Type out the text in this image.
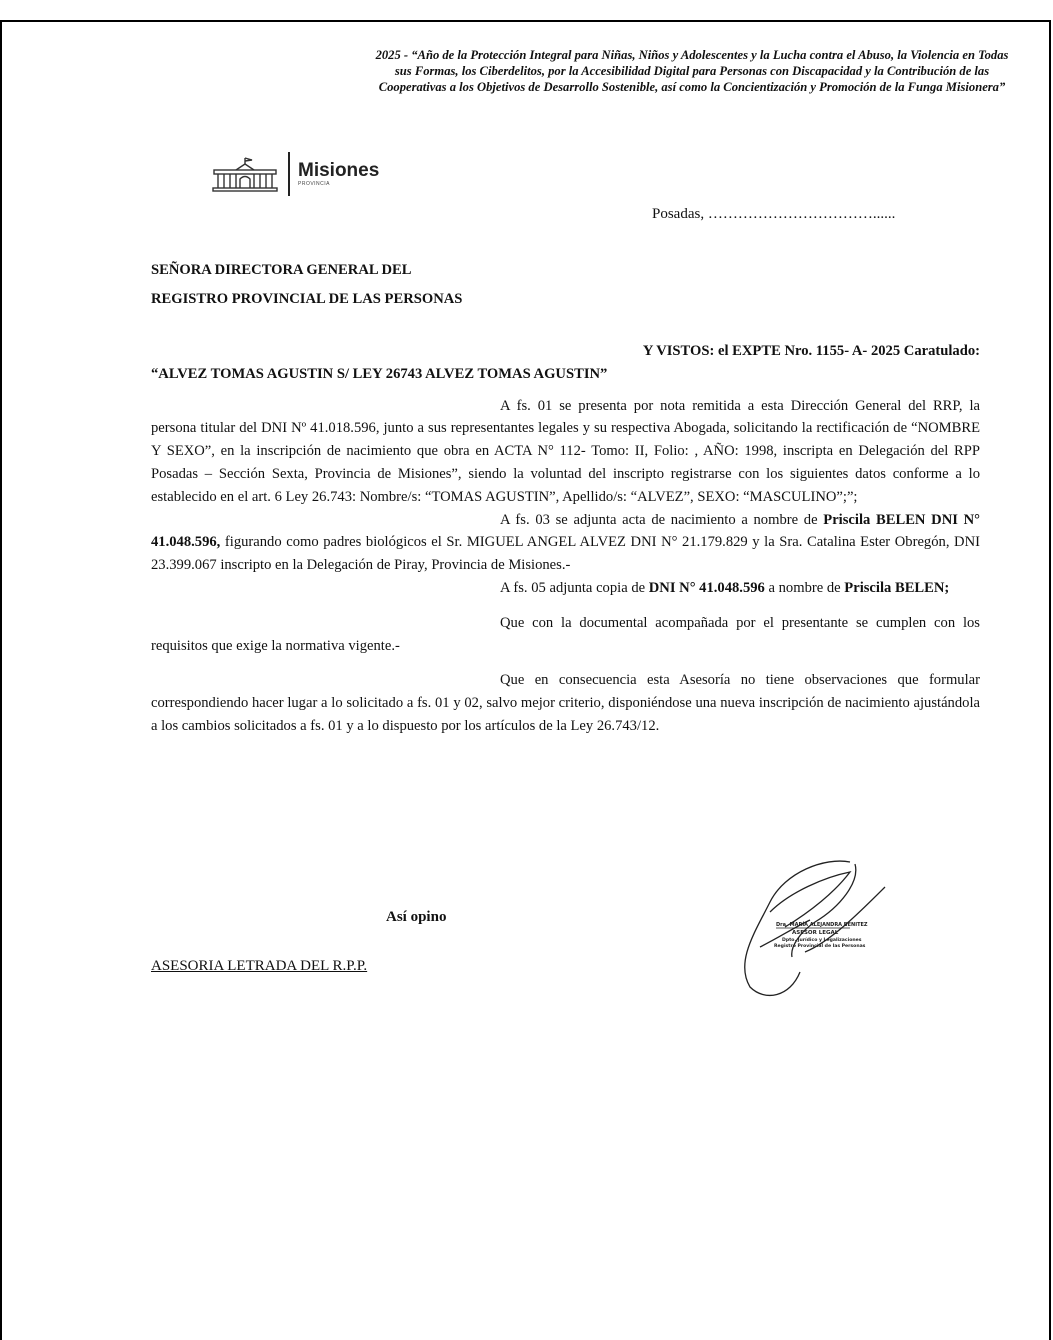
2025 - “Año de la Protección Integral para Niñas, Niños y Adolescentes y la Lucha contra el Abuso, la Violencia en Todas sus Formas, los Ciberdelitos, por la Accesibilidad Digital para Personas con Discapacidad y la Contribución de las Cooperativas a los Objetivos de Desarrollo Sostenible, así como la Concientización y Promoción de la Funga Misionera”
Misiones
PROVINCIA
Posadas, ……………………………......
SEÑORA DIRECTORA GENERAL DEL
REGISTRO PROVINCIAL DE LAS PERSONAS

Y VISTOS: el EXPTE Nro. 1155- A- 2025 Caratulado:

“ALVEZ TOMAS AGUSTIN S/ LEY 26743 ALVEZ TOMAS AGUSTIN”

A fs. 01 se presenta por nota remitida a esta Dirección General del RRP, la persona titular del DNI Nº 41.018.596, junto a sus representantes legales y su respectiva Abogada, solicitando la rectificación de “NOMBRE Y SEXO”, en la inscripción de nacimiento que obra en ACTA N° 112- Tomo: II, Folio: , AÑO: 1998, inscripta en Delegación del RPP Posadas – Sección Sexta, Provincia de Misiones”, siendo la voluntad del inscripto registrarse con los siguientes datos conforme a lo establecido en el art. 6 Ley 26.743: Nombre/s: “TOMAS AGUSTIN”, Apellido/s: “ALVEZ”, SEXO: “MASCULINO”;”;

A fs. 03 se adjunta acta de nacimiento a nombre de Priscila BELEN DNI N° 41.048.596, figurando como padres biológicos el Sr. MIGUEL ANGEL ALVEZ DNI N° 21.179.829 y la Sra. Catalina Ester Obregón, DNI 23.399.067 inscripto en la Delegación de Piray, Provincia de Misiones.-

A fs. 05 adjunta copia de DNI N° 41.048.596 a nombre de Priscila BELEN;

Que con la documental acompañada por el presentante se cumplen con los requisitos que exige la normativa vigente.-

Que en consecuencia esta Asesoría no tiene observaciones que formular correspondiendo hacer lugar a lo solicitado a fs. 01 y 02, salvo mejor criterio, disponiéndose una nueva inscripción de nacimiento ajustándola a los cambios solicitados a fs. 01 y a lo dispuesto por los artículos de la Ley 26.743/12.

Así opino
ASESORIA LETRADA DEL R.P.P.
Dra. MARÍA ALEJANDRA BENITEZ
ASESOR LEGAL
Dpto. Jurídico y Legalizaciones
Registro Provincial de las Personas
